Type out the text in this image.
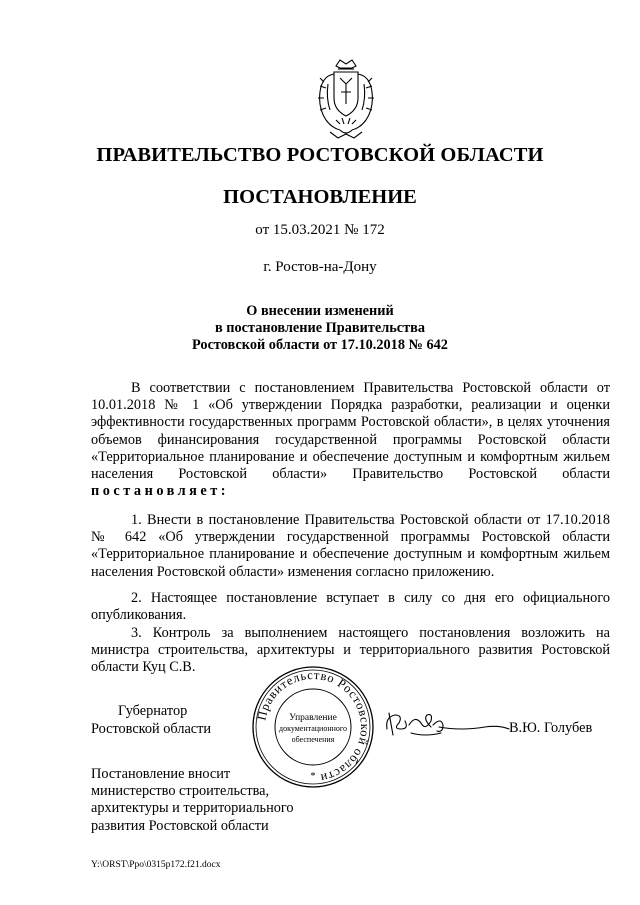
ПРАВИТЕЛЬСТВО РОСТОВСКОЙ ОБЛАСТИ
ПОСТАНОВЛЕНИЕ
от 15.03.2021 № 172
г. Ростов-на-Дону
О внесении изменений
в постановление Правительства
Ростовской области от 17.10.2018 № 642

В соответствии с постановлением Правительства Ростовской области от 10.01.2018 № 1 «Об утверждении Порядка разработки, реализации и оценки эффективности государственных программ Ростовской области», в целях уточнения объемов финансирования государственной программы Ростовской области «Территориальное планирование и обеспечение доступным и комфортным жильем населения Ростовской области» Правительство Ростовской области постановляет:

1. Внести в постановление Правительства Ростовской области от 17.10.2018 № 642 «Об утверждении государственной программы Ростовской области «Территориальное планирование и обеспечение доступным и комфортным жильем населения Ростовской области» изменения согласно приложению.

2. Настоящее постановление вступает в силу со дня его официального опубликования.

3. Контроль за выполнением настоящего постановления возложить на министра строительства, архитектуры и территориального развития Ростовской области Куц С.В.

Губернатор
Ростовской области
Правительство Ростовской области
Управление
документационного
обеспечения
*
В.Ю. Голубев
Постановление вносит
министерство строительства,
архитектуры и территориального
развития Ростовской области
Y:\ORST\Ppo\0315p172.f21.docx
